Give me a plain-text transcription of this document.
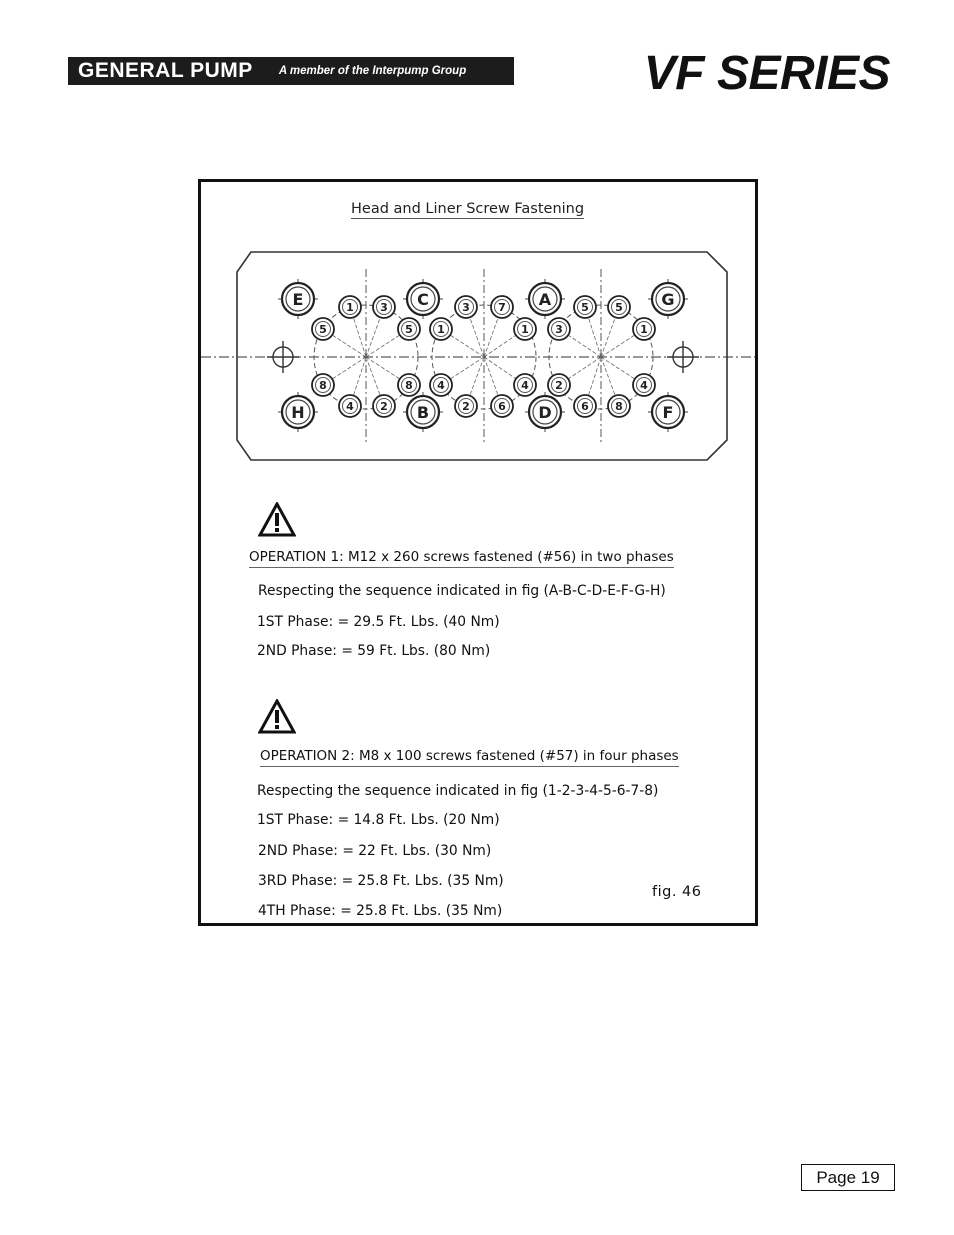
GENERAL PUMP A member of the Interpump Group	VF SERIES
Head and Liner Screw Fastening
E	C	A	G
H	B	D	F
5
1 3
5 1
3	7
1 3
5 5
1
8
4 2
8 4
2	6
4 2
6 8
4
OPERATION 1: M12 x 260 screws fastened (#56) in two phases
Respecting the sequence indicated in fig (A-B-C-D-E-F-G-H)
1ST Phase: = 29.5 Ft. Lbs. (40 Nm)
2ND Phase: = 59 Ft. Lbs. (80 Nm)
OPERATION 2: M8 x 100 screws fastened (#57) in four phases
Respecting the sequence indicated in fig (1-2-3-4-5-6-7-8)
1ST Phase: = 14.8 Ft. Lbs. (20 Nm)
2ND Phase: = 22 Ft. Lbs. (30 Nm)
3RD Phase: = 25.8 Ft. Lbs. (35 Nm)
4TH Phase: = 25.8 Ft. Lbs. (35 Nm)
fig. 46
Page 19
